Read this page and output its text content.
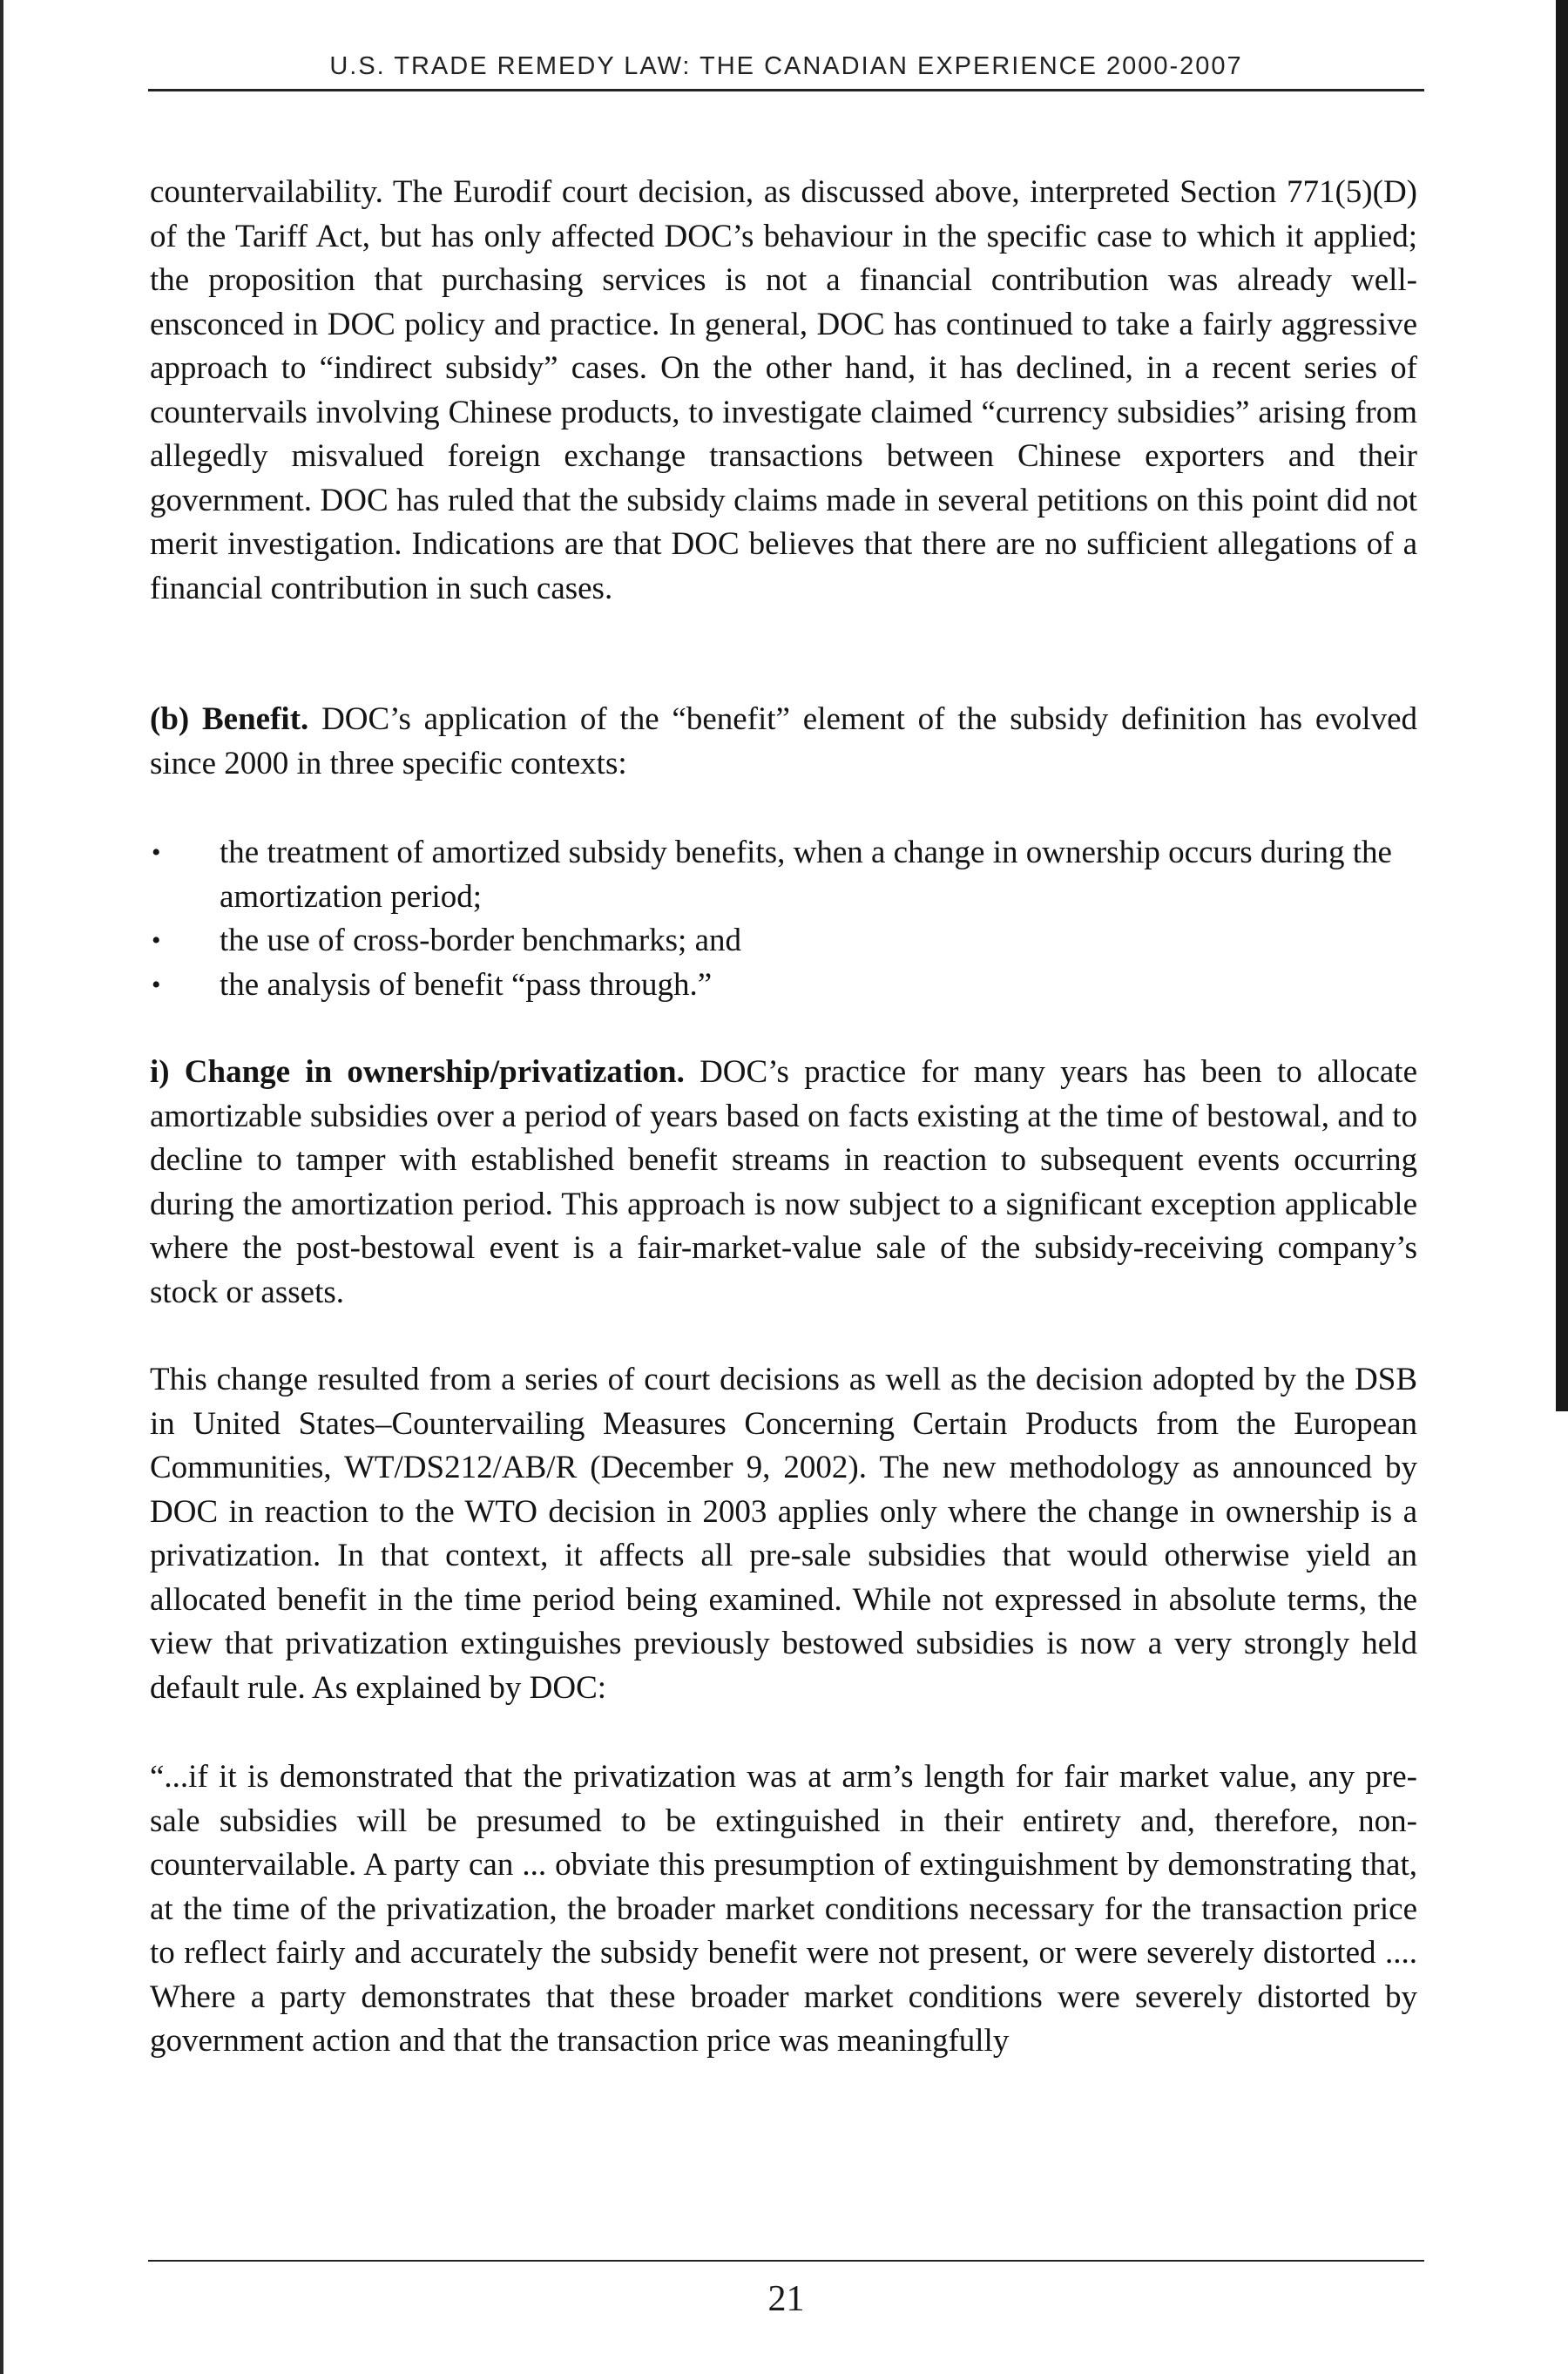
U.S. TRADE REMEDY LAW: THE CANADIAN EXPERIENCE 2000-2007

countervailability. The Eurodif court decision, as discussed above, interpreted Section 771(5)(D) of the Tariff Act, but has only affected DOC’s behaviour in the specific case to which it applied; the proposition that purchasing services is not a financial contribution was already well-ensconced in DOC policy and practice. In general, DOC has continued to take a fairly aggressive approach to “indirect subsidy” cases. On the other hand, it has declined, in a recent series of countervails involving Chinese products, to investigate claimed “currency subsidies” arising from allegedly misvalued foreign exchange transactions between Chinese exporters and their government. DOC has ruled that the subsidy claims made in several petitions on this point did not merit investigation. Indications are that DOC believes that there are no sufficient allegations of a financial contribution in such cases.

(b) Benefit. DOC’s application of the “benefit” element of the subsidy definition has evolved since 2000 in three specific contexts:

• the treatment of amortized subsidy benefits, when a change in ownership occurs during the amortization period;
• the use of cross-border benchmarks; and
• the analysis of benefit “pass through.”

i) Change in ownership/privatization. DOC’s practice for many years has been to allocate amortizable subsidies over a period of years based on facts existing at the time of bestowal, and to decline to tamper with established benefit streams in reaction to subsequent events occurring during the amortization period. This approach is now subject to a significant exception applicable where the post-bestowal event is a fair-market-value sale of the subsidy-receiving company’s stock or assets.

This change resulted from a series of court decisions as well as the decision adopted by the DSB in United States–Countervailing Measures Concerning Certain Products from the European Communities, WT/DS212/AB/R (December 9, 2002). The new methodology as announced by DOC in reaction to the WTO decision in 2003 applies only where the change in ownership is a privatization. In that context, it affects all pre-sale subsidies that would otherwise yield an allocated benefit in the time period being examined. While not expressed in absolute terms, the view that privatization extinguishes previously bestowed subsidies is now a very strongly held default rule. As explained by DOC:

“...if it is demonstrated that the privatization was at arm’s length for fair market value, any pre-sale subsidies will be presumed to be extinguished in their entirety and, therefore, non-countervailable. A party can ... obviate this presumption of extinguishment by demonstrating that, at the time of the privatization, the broader market conditions necessary for the transaction price to reflect fairly and accurately the subsidy benefit were not present, or were severely distorted .... Where a party demonstrates that these broader market conditions were severely distorted by government action and that the transaction price was meaningfully

21
